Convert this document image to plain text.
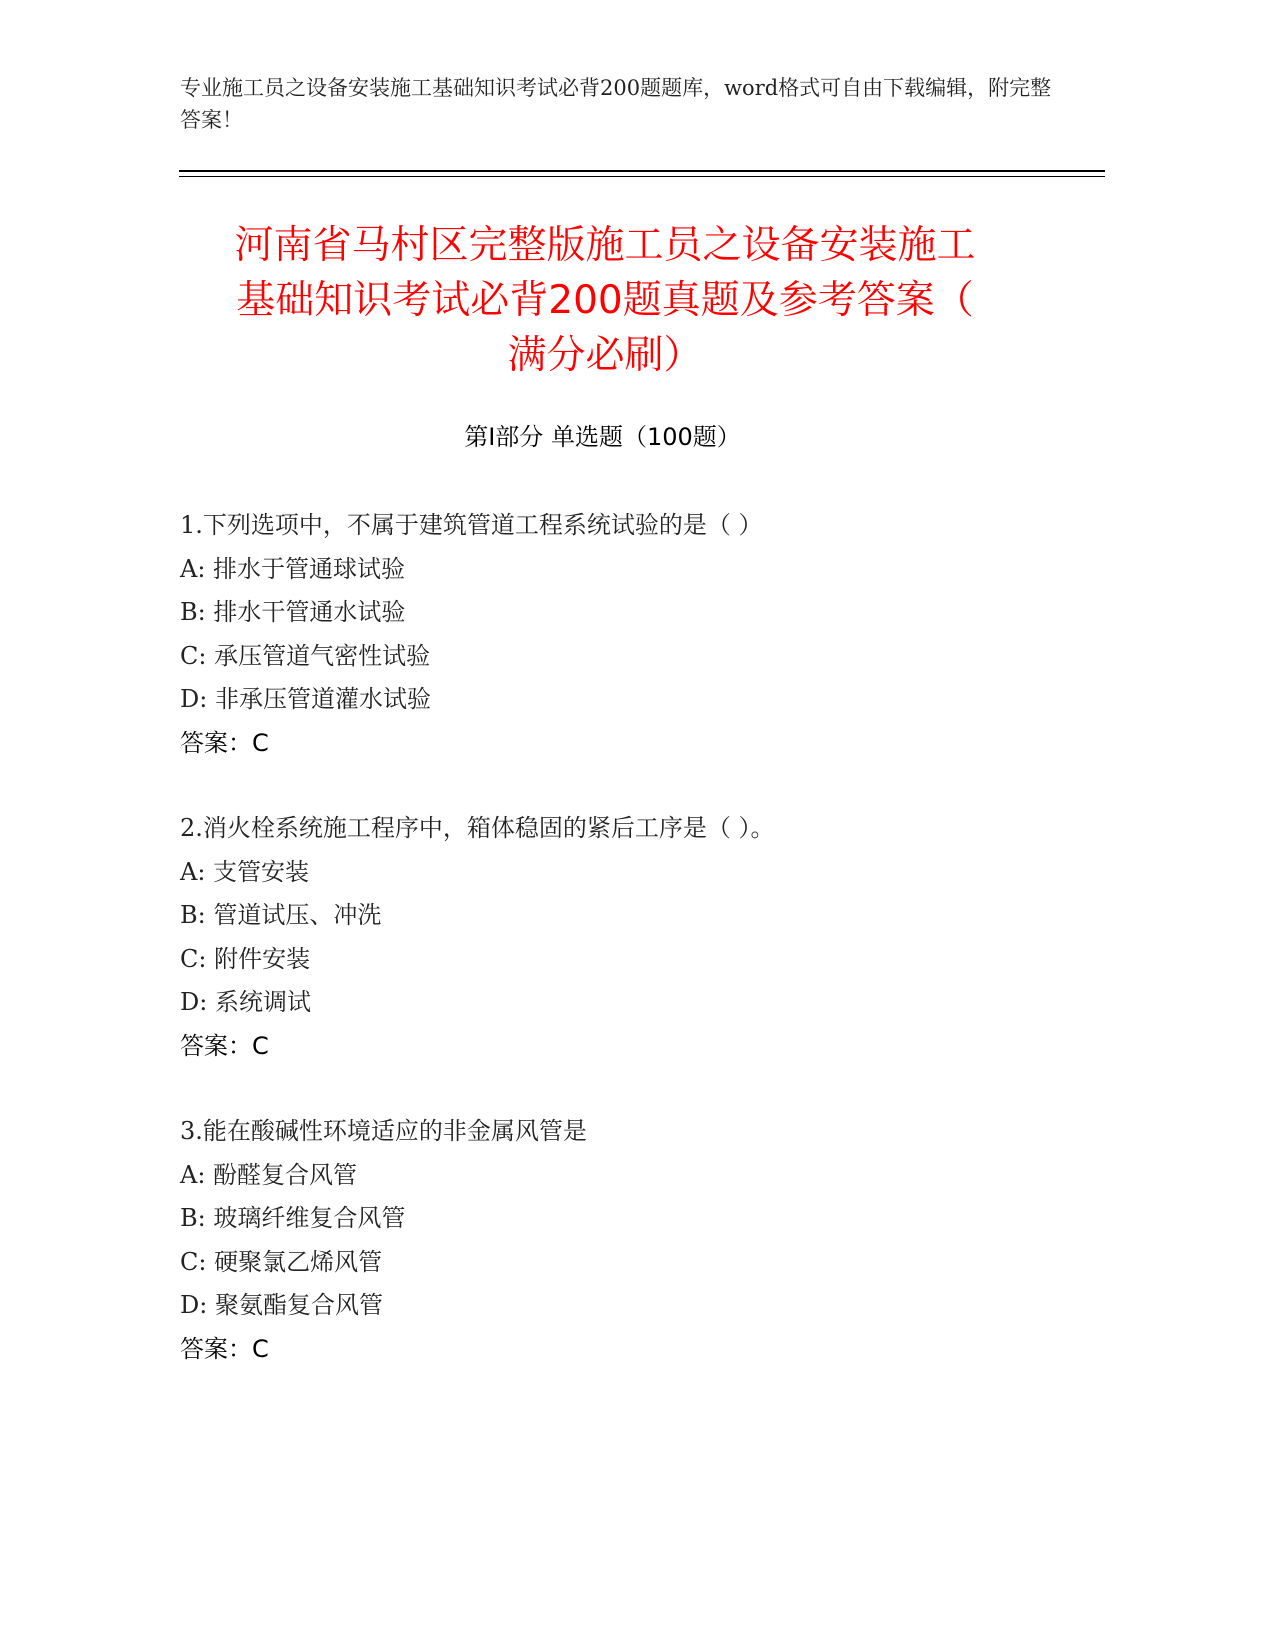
专业施工员之设备安装施工基础知识考试必背200题题库，word格式可自由下载编辑，附完整答案！
河南省马村区完整版施工员之设备安装施工
基础知识考试必背200题真题及参考答案（
满分必刷）
第Ⅰ部分 单选题（100题）
1.下列选项中，不属于建筑管道工程系统试验的是（ ）
A: 排水于管通球试验
B: 排水干管通水试验
C: 承压管道气密性试验
D: 非承压管道灌水试验
答案：C
2.消火栓系统施工程序中，箱体稳固的紧后工序是（ ）。
A: 支管安装
B: 管道试压、冲洗
C: 附件安装
D: 系统调试
答案：C
3.能在酸碱性环境适应的非金属风管是
A: 酚醛复合风管
B: 玻璃纤维复合风管
C: 硬聚氯乙烯风管
D: 聚氨酯复合风管
答案：C
